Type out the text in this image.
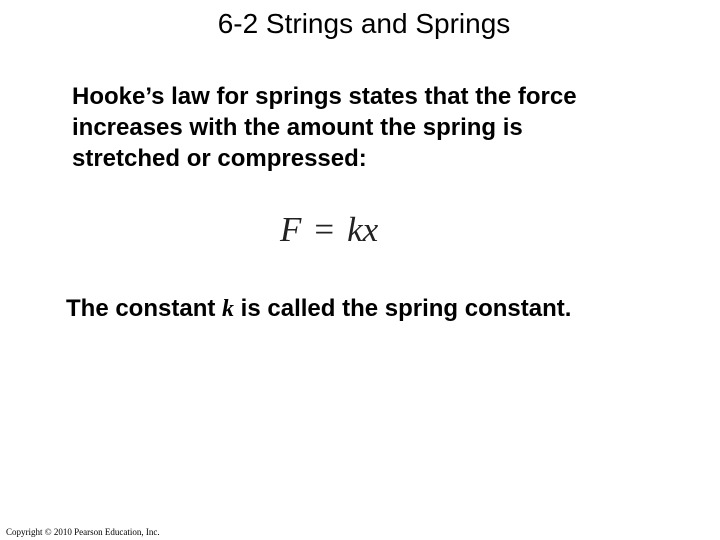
6-2 Strings and Springs
Hooke’s law for springs states that the force increases with the amount the spring is stretched or compressed:
F = kx
The constant k is called the spring constant.
Copyright © 2010 Pearson Education, Inc.
